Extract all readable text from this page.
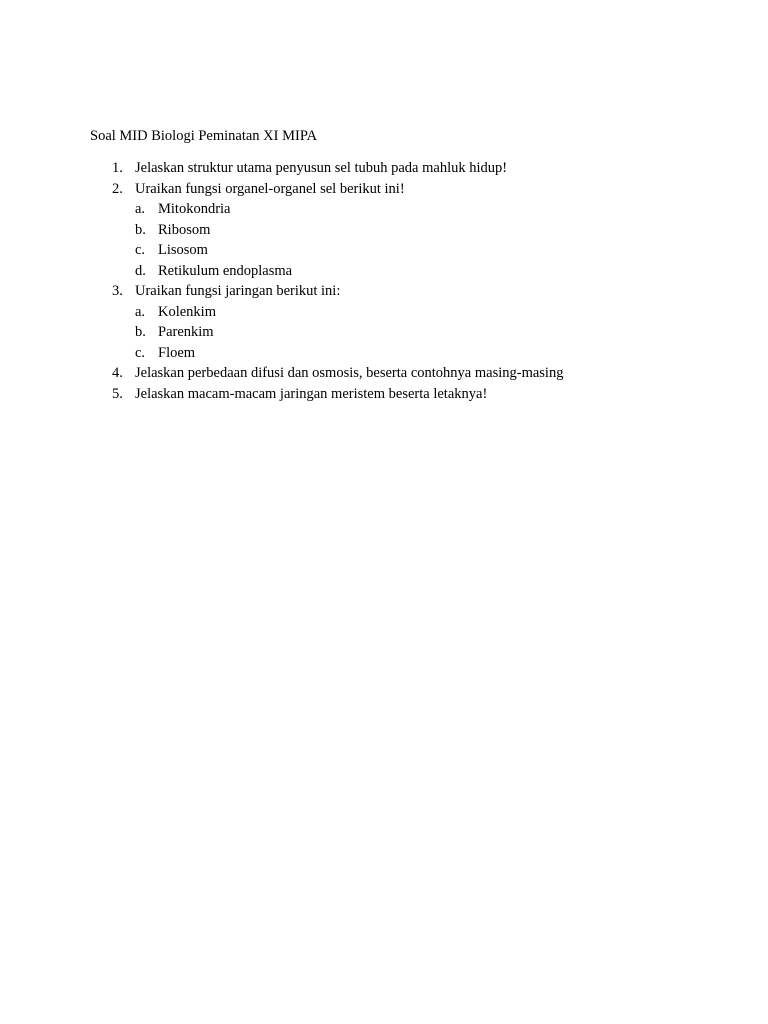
Soal MID Biologi Peminatan XI MIPA
1. Jelaskan struktur utama penyusun sel tubuh pada mahluk hidup!
2. Uraikan fungsi organel-organel sel berikut ini!
a. Mitokondria
b. Ribosom
c. Lisosom
d. Retikulum endoplasma
3. Uraikan fungsi jaringan berikut ini:
a. Kolenkim
b. Parenkim
c. Floem
4. Jelaskan perbedaan difusi dan osmosis, beserta contohnya masing-masing
5. Jelaskan macam-macam jaringan meristem beserta letaknya!
